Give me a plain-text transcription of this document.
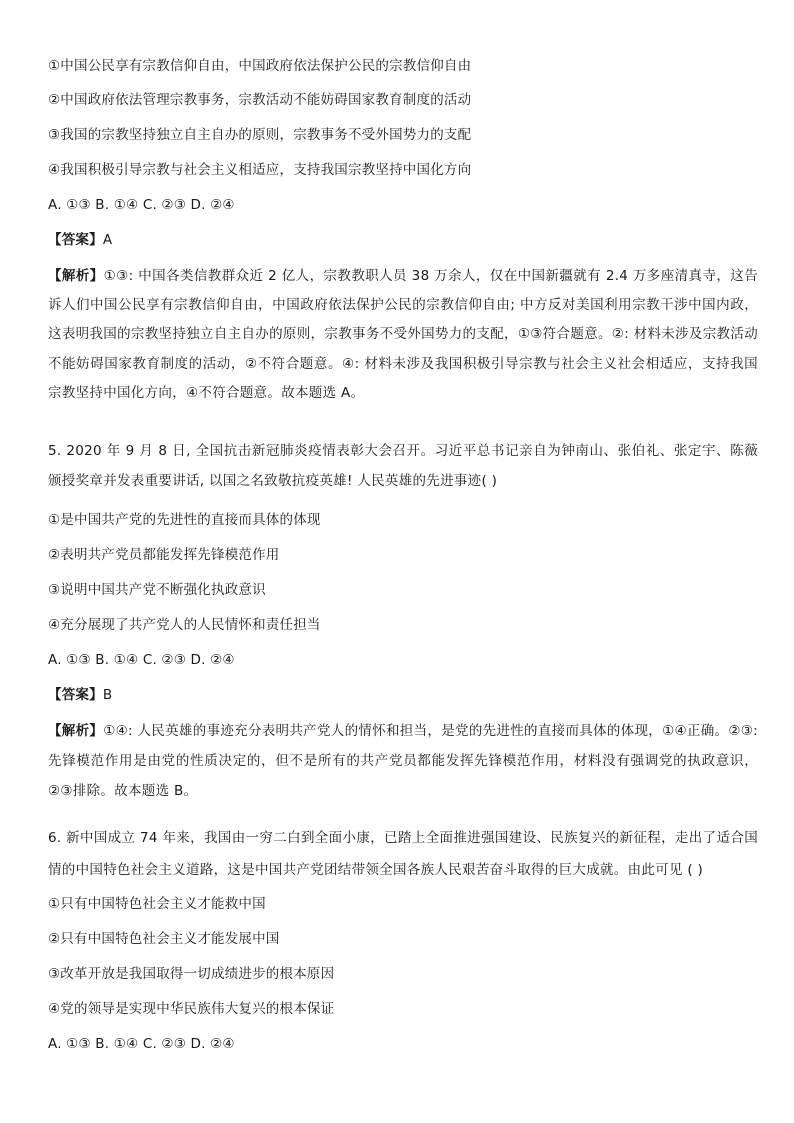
①中国公民享有宗教信仰自由，中国政府依法保护公民的宗教信仰自由
②中国政府依法管理宗教事务，宗教活动不能妨碍国家教育制度的活动
③我国的宗教坚持独立自主自办的原则，宗教事务不受外国势力的支配
④我国积极引导宗教与社会主义相适应，支持我国宗教坚持中国化方向
A. ①③ B. ①④ C. ②③ D. ②④
【答案】A
【解析】①③: 中国各类信教群众近 2 亿人，宗教教职人员 38 万余人，仅在中国新疆就有 2.4 万多座清真寺，这告诉人们中国公民享有宗教信仰自由，中国政府依法保护公民的宗教信仰自由; 中方反对美国利用宗教干涉中国内政，这表明我国的宗教坚持独立自主自办的原则，宗教事务不受外国势力的支配，①③符合题意。②: 材料未涉及宗教活动不能妨碍国家教育制度的活动，②不符合题意。④: 材料未涉及我国积极引导宗教与社会主义社会相适应，支持我国宗教坚持中国化方向，④不符合题意。故本题选 A。
5. 2020 年 9 月 8 日, 全国抗击新冠肺炎疫情表彰大会召开。习近平总书记亲自为钟南山、张伯礼、张定宇、陈薇颁授奖章并发表重要讲话, 以国之名致敬抗疫英雄! 人民英雄的先进事迹( )
①是中国共产党的先进性的直接而具体的体现
②表明共产党员都能发挥先锋模范作用
③说明中国共产党不断强化执政意识
④充分展现了共产党人的人民情怀和责任担当
A. ①③ B. ①④ C. ②③ D. ②④
【答案】B
【解析】①④: 人民英雄的事迹充分表明共产党人的情怀和担当，是党的先进性的直接而具体的体现，①④正确。②③: 先锋模范作用是由党的性质决定的，但不是所有的共产党员都能发挥先锋模范作用，材料没有强调党的执政意识，②③排除。故本题选 B。
6. 新中国成立 74 年来，我国由一穷二白到全面小康，已踏上全面推进强国建设、民族复兴的新征程，走出了适合国情的中国特色社会主义道路，这是中国共产党团结带领全国各族人民艰苦奋斗取得的巨大成就。由此可见 ( )
①只有中国特色社会主义才能救中国
②只有中国特色社会主义才能发展中国
③改革开放是我国取得一切成绩进步的根本原因
④党的领导是实现中华民族伟大复兴的根本保证
A. ①③ B. ①④ C. ②③ D. ②④
